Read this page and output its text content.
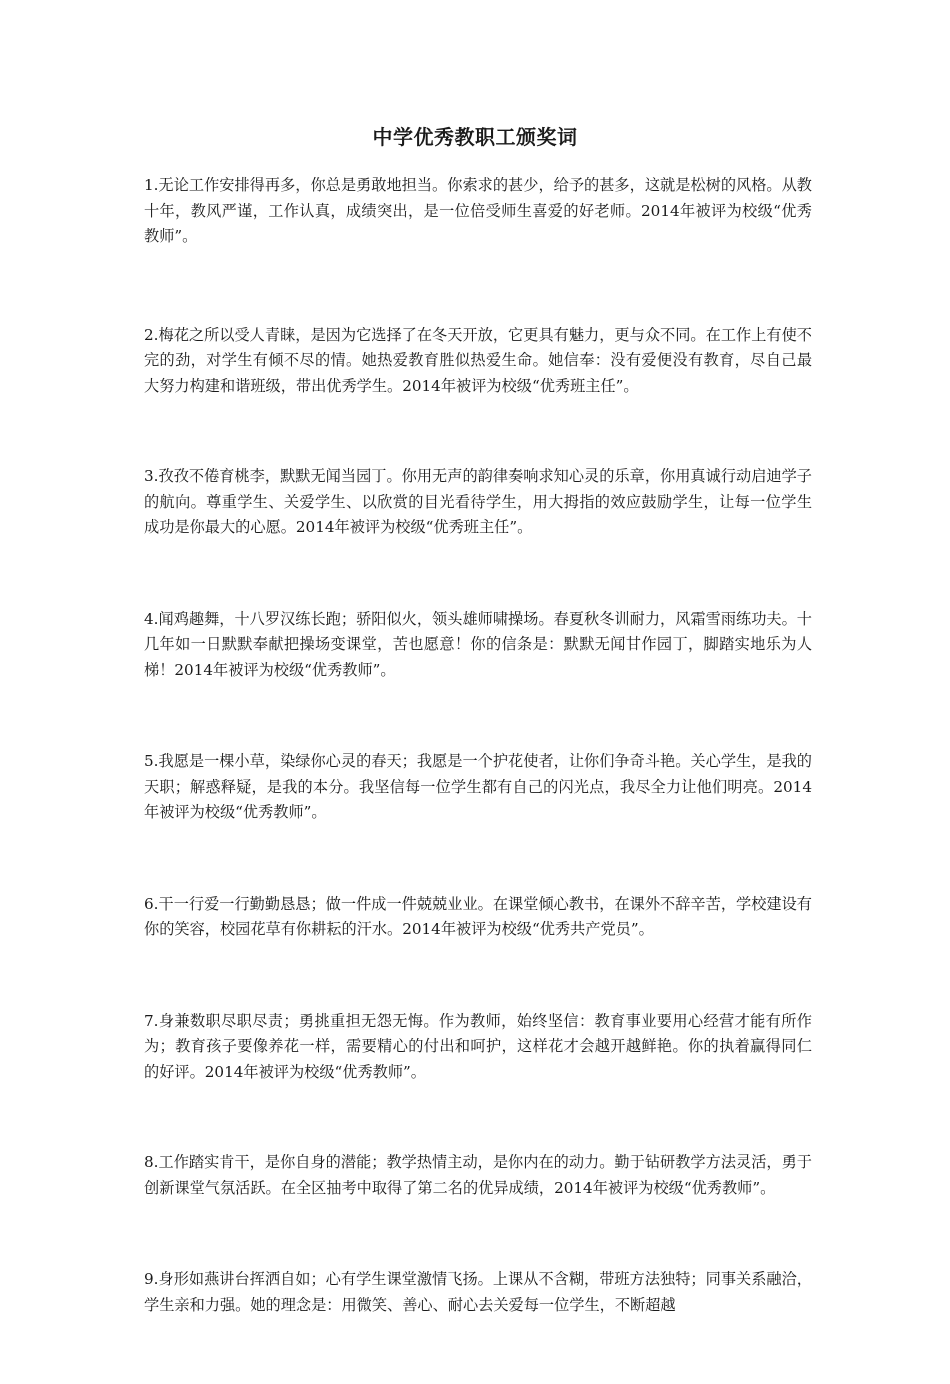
中学优秀教职工颁奖词

1.无论工作安排得再多，你总是勇敢地担当。你索求的甚少，给予的甚多，这就是松树的风格。从教十年，教风严谨，工作认真，成绩突出，是一位倍受师生喜爱的好老师。2014年被评为校级“优秀教师”。

2.梅花之所以受人青睐，是因为它选择了在冬天开放，它更具有魅力，更与众不同。在工作上有使不完的劲，对学生有倾不尽的情。她热爱教育胜似热爱生命。她信奉：没有爱便没有教育，尽自己最大努力构建和谐班级，带出优秀学生。2014年被评为校级“优秀班主任”。

3.孜孜不倦育桃李，默默无闻当园丁。你用无声的韵律奏响求知心灵的乐章，你用真诚行动启迪学子的航向。尊重学生、关爱学生、以欣赏的目光看待学生，用大拇指的效应鼓励学生，让每一位学生成功是你最大的心愿。2014年被评为校级“优秀班主任”。

4.闻鸡趣舞，十八罗汉练长跑；骄阳似火，领头雄师啸操场。春夏秋冬训耐力，风霜雪雨练功夫。十几年如一日默默奉献把操场变课堂，苦也愿意！你的信条是：默默无闻甘作园丁，脚踏实地乐为人梯！2014年被评为校级“优秀教师”。

5.我愿是一棵小草，染绿你心灵的春天；我愿是一个护花使者，让你们争奇斗艳。关心学生，是我的天职；解惑释疑，是我的本分。我坚信每一位学生都有自己的闪光点，我尽全力让他们明亮。2014年被评为校级“优秀教师”。

6.干一行爱一行勤勤恳恳；做一件成一件兢兢业业。在课堂倾心教书，在课外不辞辛苦，学校建设有你的笑容，校园花草有你耕耘的汗水。2014年被评为校级“优秀共产党员”。

7.身兼数职尽职尽责；勇挑重担无怨无悔。作为教师，始终坚信：教育事业要用心经营才能有所作为；教育孩子要像养花一样，需要精心的付出和呵护，这样花才会越开越鲜艳。你的执着赢得同仁的好评。2014年被评为校级“优秀教师”。

8.工作踏实肯干，是你自身的潜能；教学热情主动，是你内在的动力。勤于钻研教学方法灵活，勇于创新课堂气氛活跃。在全区抽考中取得了第二名的优异成绩，2014年被评为校级“优秀教师”。

9.身形如燕讲台挥洒自如；心有学生课堂激情飞扬。上课从不含糊，带班方法独特；同事关系融洽，学生亲和力强。她的理念是：用微笑、善心、耐心去关爱每一位学生，不断超越
